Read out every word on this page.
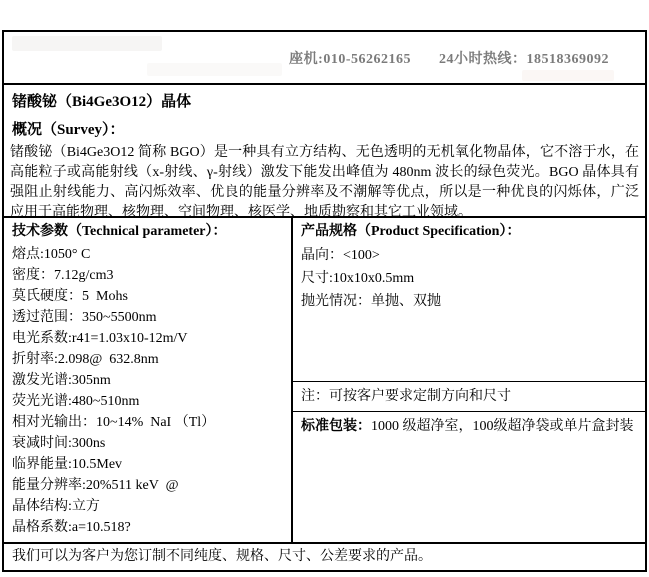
座机:010-56262165 24小时热线：18518369092
锗酸铋（Bi4Ge3O12）晶体
概况（Survey）：
锗酸铋（Bi4Ge3O12 简称 BGO）是一种具有立方结构、无色透明的无机氧化物晶体，它不溶于水，在高能粒子或高能射线（x-射线、γ-射线）激发下能发出峰值为 480nm 波长的绿色荧光。BGO 晶体具有强阻止射线能力、高闪烁效率、优良的能量分辨率及不潮解等优点，所以是一种优良的闪烁体，广泛应用于高能物理、核物理、空间物理、核医学、地质勘察和其它工业领域。
技术参数（Technical parameter）：
熔点:1050° C
密度：7.12g/cm3
莫氏硬度：5  Mohs
透过范围：350~5500nm
电光系数:r41=1.03x10-12m/V
折射率:2.098@  632.8nm
激发光谱:305nm
荧光光谱:480~510nm
相对光输出：10~14%  NaI （Tl）
衰减时间:300ns
临界能量:10.5Mev
能量分辨率:20%511 keV  @
晶体结构:立方
晶格系数:a=10.518?
产品规格（Product Specification）：
晶向：<100>
尺寸:10x10x0.5mm
抛光情况：单抛、双抛
注：可按客户要求定制方向和尺寸
标准包装：1000 级超净室，100级超净袋或单片盒封装
我们可以为客户为您订制不同纯度、规格、尺寸、公差要求的产品。
